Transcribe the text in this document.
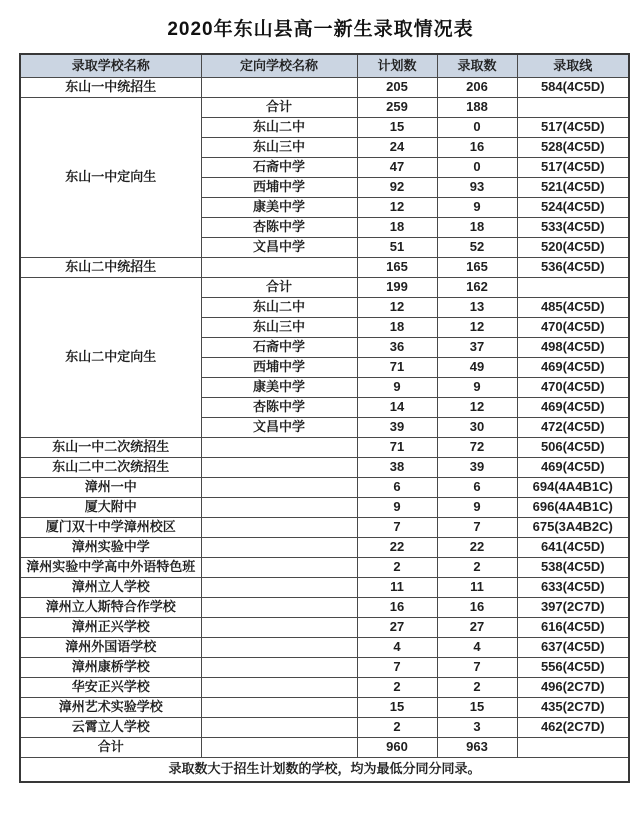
2020年东山县高一新生录取情况表
录取学校名称	定向学校名称	计划数	录取数	录取线
东山一中统招生		205	206	584(4C5D)
东山一中定向生	合计	259	188	
	东山二中	15	0	517(4C5D)
	东山三中	24	16	528(4C5D)
	石斋中学	47	0	517(4C5D)
	西埔中学	92	93	521(4C5D)
	康美中学	12	9	524(4C5D)
	杏陈中学	18	18	533(4C5D)
	文昌中学	51	52	520(4C5D)
东山二中统招生		165	165	536(4C5D)
东山二中定向生	合计	199	162	
	东山二中	12	13	485(4C5D)
	东山三中	18	12	470(4C5D)
	石斋中学	36	37	498(4C5D)
	西埔中学	71	49	469(4C5D)
	康美中学	9	9	470(4C5D)
	杏陈中学	14	12	469(4C5D)
	文昌中学	39	30	472(4C5D)
东山一中二次统招生		71	72	506(4C5D)
东山二中二次统招生		38	39	469(4C5D)
漳州一中		6	6	694(4A4B1C)
厦大附中		9	9	696(4A4B1C)
厦门双十中学漳州校区		7	7	675(3A4B2C)
漳州实验中学		22	22	641(4C5D)
漳州实验中学高中外语特色班		2	2	538(4C5D)
漳州立人学校		11	11	633(4C5D)
漳州立人斯特合作学校		16	16	397(2C7D)
漳州正兴学校		27	27	616(4C5D)
漳州外国语学校		4	4	637(4C5D)
漳州康桥学校		7	7	556(4C5D)
华安正兴学校		2	2	496(2C7D)
漳州艺术实验学校		15	15	435(2C7D)
云霄立人学校		2	3	462(2C7D)
合计		960	963	
录取数大于招生计划数的学校，均为最低分同分同录。				
